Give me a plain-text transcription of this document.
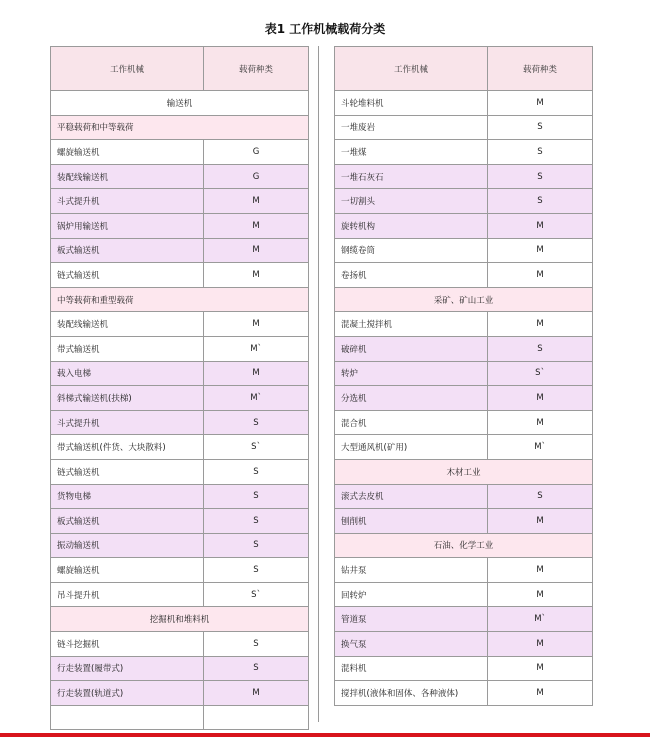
表1 工作机械载荷分类
工作机械	载荷种类
输送机	
平稳载荷和中等载荷	
螺旋输送机	G
装配线输送机	G
斗式提升机	M
锅炉用输送机	M
板式输送机	M
链式输送机	M
中等载荷和重型载荷	
装配线输送机	M
带式输送机	M`
载入电梯	M
斜梯式输送机(扶梯)	M`
斗式提升机	S
带式输送机(件货、大块散料)	S`
链式输送机	S
货物电梯	S
板式输送机	S
振动输送机	S
螺旋输送机	S
吊斗提升机	S`
挖掘机和堆料机	
链斗挖掘机	S
行走装置(履带式)	S
行走装置(轨道式)	M

工作机械	载荷种类
斗轮堆料机	M
一堆废岩	S
一堆煤	S
一堆石灰石	S
一切割头	S
旋转机构	M
钢缆卷筒	M
卷扬机	M
采矿、矿山工业	
混凝土搅拌机	M
破碎机	S
转炉	S`
分选机	M
混合机	M
大型通风机(矿用)	M`
木材工业	
滚式去皮机	S
刨削机	M
石油、化学工业	
钻井泵	M
回转炉	M
管道泵	M`
换气泵	M
混料机	M
搅拌机(液体和固体、各种液体)	M
